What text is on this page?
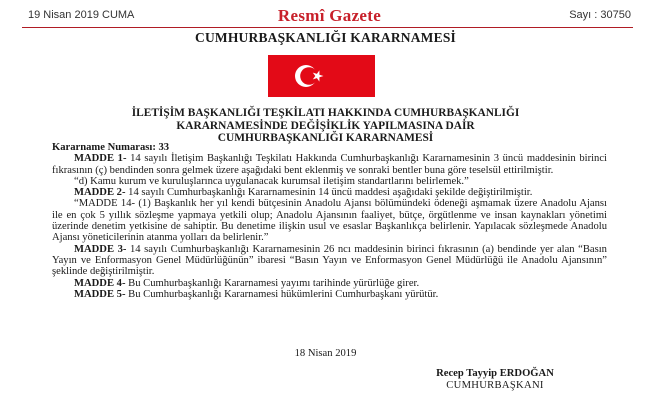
19 Nisan 2019 CUMA	Resmî Gazete	Sayı : 30750
CUMHURBAŞKANLIĞI KARARNAMESİ
İLETİŞİM BAŞKANLIĞI TEŞKİLATI HAKKINDA CUMHURBAŞKANLIĞI
KARARNAMESİNDE DEĞİŞİKLİK YAPILMASINA DAİR
CUMHURBAŞKANLIĞI KARARNAMESİ

Kararname Numarası: 33

MADDE 1- 14 sayılı İletişim Başkanlığı Teşkilatı Hakkında Cumhurbaşkanlığı Kararnamesinin 3 üncü maddesinin birinci fıkrasının (ç) bendinden sonra gelmek üzere aşağıdaki bent eklenmiş ve sonraki bentler buna göre teselsül ettirilmiştir.

“d) Kamu kurum ve kuruluşlarınca uygulanacak kurumsal iletişim standartlarını belirlemek.”

MADDE 2- 14 sayılı Cumhurbaşkanlığı Kararnamesinin 14 üncü maddesi aşağıdaki şekilde değiştirilmiştir.

“MADDE 14- (1) Başkanlık her yıl kendi bütçesinin Anadolu Ajansı bölümündeki ödeneği aşmamak üzere Anadolu Ajansı ile en çok 5 yıllık sözleşme yapmaya yetkili olup; Anadolu Ajansının faaliyet, bütçe, örgütlenme ve insan kaynakları yönetimi üzerinde denetim yetkisine de sahiptir. Bu denetime ilişkin usul ve esaslar Başkanlıkça belirlenir. Yapılacak sözleşmede Anadolu Ajansı yöneticilerinin atanma yolları da belirlenir.”

MADDE 3- 14 sayılı Cumhurbaşkanlığı Kararnamesinin 26 ncı maddesinin birinci fıkrasının (a) bendinde yer alan “Basın Yayın ve Enformasyon Genel Müdürlüğünün” ibaresi “Basın Yayın ve Enformasyon Genel Müdürlüğü ile Anadolu Ajansının” şeklinde değiştirilmiştir.

MADDE 4- Bu Cumhurbaşkanlığı Kararnamesi yayımı tarihinde yürürlüğe girer.

MADDE 5- Bu Cumhurbaşkanlığı Kararnamesi hükümlerini Cumhurbaşkanı yürütür.

18 Nisan 2019
Recep Tayyip ERDOĞAN
CUMHURBAŞKANI
